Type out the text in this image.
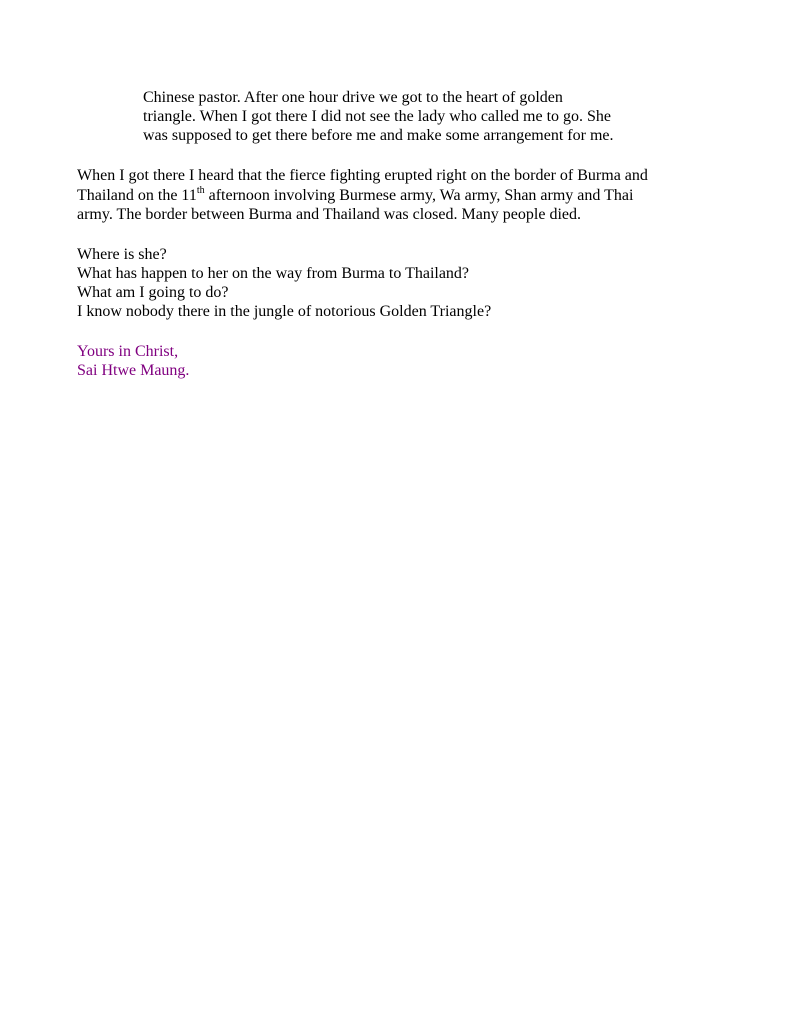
Chinese pastor. After one hour drive we got to the heart of golden
triangle. When I got there I did not see the lady who called me to go. She
was supposed to get there before me and make some arrangement for me.
When I got there I heard that the fierce fighting erupted right on the border of Burma and
Thailand on the 11th afternoon involving Burmese army, Wa army, Shan army and Thai
army. The border between Burma and Thailand was closed. Many people died.
Where is she?
What has happen to her on the way from Burma to Thailand?
What am I going to do?
I know nobody there in the jungle of notorious Golden Triangle?
Yours in Christ,
Sai Htwe Maung.
